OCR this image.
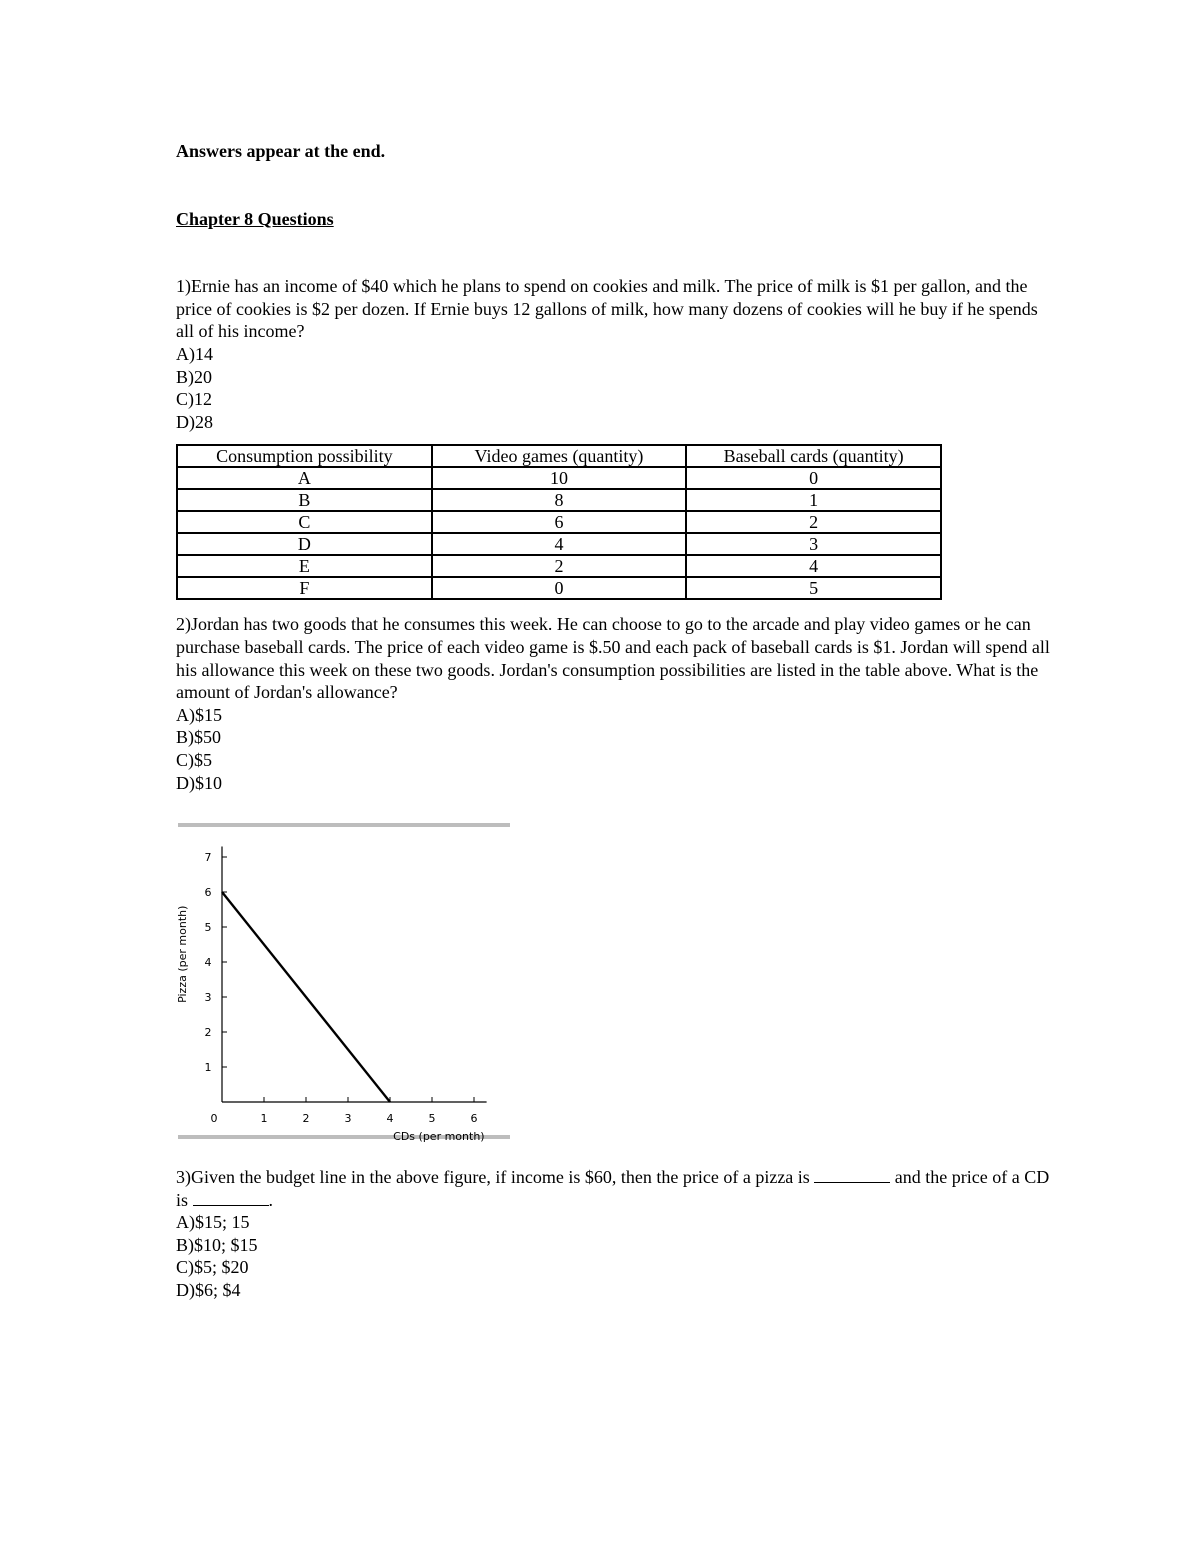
Answers appear at the end.

Chapter 8 Questions

1)Ernie has an income of $40 which he plans to spend on cookies and milk. The price of milk is $1 per gallon, and the price of cookies is $2 per dozen. If Ernie buys 12 gallons of milk, how many dozens of cookies will he buy if he spends all of his income?

A)14

B)20

C)12

D)28

Consumption possibility	Video games (quantity)	Baseball cards (quantity)
A	10	0
B	8	1
C	6	2
D	4	3
E	2	4
F	0	5

2)Jordan has two goods that he consumes this week. He can choose to go to the arcade and play video games or he can purchase baseball cards. The price of each video game is $.50 and each pack of baseball cards is $1. Jordan will spend all his allowance this week on these two goods. Jordan's consumption possibilities are listed in the table above. What is the amount of Jordan's allowance?

A)$15

B)$50

C)$5

D)$10

0	1	2	3	4	5	6
1
2
3
4
5
6
7
CDs (per month)
Pizza (per month)

3)Given the budget line in the above figure, if income is $60, then the price of a pizza is	and the price of a CD is	.

A)$15; 15

B)$10; $15

C)$5; $20

D)$6; $4
